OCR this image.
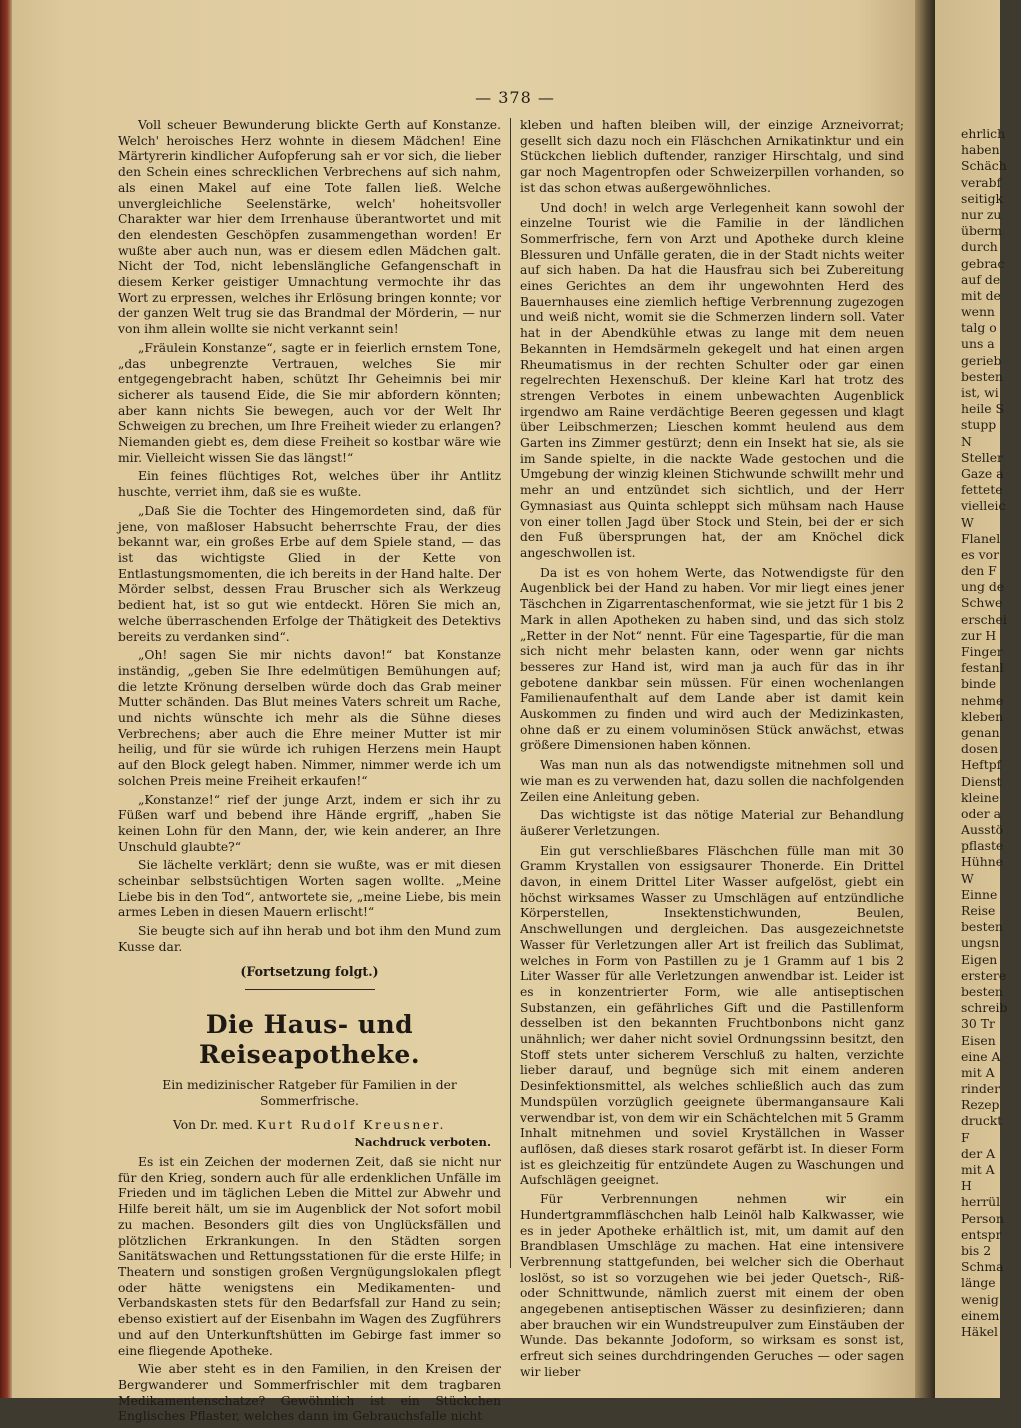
— 378 —

Voll scheuer Bewunderung blickte Gerth auf Konstanze. Welch' heroisches Herz wohnte in diesem Mädchen! Eine Märtyrerin kindlicher Aufopferung sah er vor sich, die lieber den Schein eines schrecklichen Verbrechens auf sich nahm, als einen Makel auf eine Tote fallen ließ. Welche unvergleichliche Seelenstärke, welch' hoheitsvoller Charakter war hier dem Irrenhause überantwortet und mit den elendesten Geschöpfen zusammengethan worden! Er wußte aber auch nun, was er diesem edlen Mädchen galt. Nicht der Tod, nicht lebenslängliche Gefangenschaft in diesem Kerker geistiger Umnachtung vermochte ihr das Wort zu erpressen, welches ihr Erlösung bringen konnte; vor der ganzen Welt trug sie das Brandmal der Mörderin, — nur von ihm allein wollte sie nicht verkannt sein!

„Fräulein Konstanze“, sagte er in feierlich ernstem Tone, „das unbegrenzte Vertrauen, welches Sie mir entgegengebracht haben, schützt Ihr Geheimnis bei mir sicherer als tausend Eide, die Sie mir abfordern könnten; aber kann nichts Sie bewegen, auch vor der Welt Ihr Schweigen zu brechen, um Ihre Freiheit wieder zu erlangen? Niemanden giebt es, dem diese Freiheit so kostbar wäre wie mir. Vielleicht wissen Sie das längst!“

Ein feines flüchtiges Rot, welches über ihr Antlitz huschte, verriet ihm, daß sie es wußte.

„Daß Sie die Tochter des Hingemordeten sind, daß für jene, von maßloser Habsucht beherrschte Frau, der dies bekannt war, ein großes Erbe auf dem Spiele stand, — das ist das wichtigste Glied in der Kette von Entlastungsmomenten, die ich bereits in der Hand halte. Der Mörder selbst, dessen Frau Bruscher sich als Werkzeug bedient hat, ist so gut wie entdeckt. Hören Sie mich an, welche überraschenden Erfolge der Thätigkeit des Detektivs bereits zu verdanken sind“.

„Oh! sagen Sie mir nichts davon!“ bat Konstanze inständig, „geben Sie Ihre edelmütigen Bemühungen auf; die letzte Krönung derselben würde doch das Grab meiner Mutter schänden. Das Blut meines Vaters schreit um Rache, und nichts wünschte ich mehr als die Sühne dieses Verbrechens; aber auch die Ehre meiner Mutter ist mir heilig, und für sie würde ich ruhigen Herzens mein Haupt auf den Block gelegt haben. Nimmer, nimmer werde ich um solchen Preis meine Freiheit erkaufen!“

„Konstanze!“ rief der junge Arzt, indem er sich ihr zu Füßen warf und bebend ihre Hände ergriff, „haben Sie keinen Lohn für den Mann, der, wie kein anderer, an Ihre Unschuld glaubte?“

Sie lächelte verklärt; denn sie wußte, was er mit diesen scheinbar selbstsüchtigen Worten sagen wollte. „Meine Liebe bis in den Tod“, antwortete sie, „meine Liebe, bis mein armes Leben in diesen Mauern erlischt!“

Sie beugte sich auf ihn herab und bot ihm den Mund zum Kusse dar.

(Fortsetzung folgt.)
Die Haus- und Reiseapotheke.
Ein medizinischer Ratgeber für Familien in der Sommerfrische.
Von Dr. med. Kurt Rudolf Kreusner.
Nachdruck verboten.

Es ist ein Zeichen der modernen Zeit, daß sie nicht nur für den Krieg, sondern auch für alle erdenklichen Unfälle im Frieden und im täglichen Leben die Mittel zur Abwehr und Hilfe bereit hält, um sie im Augenblick der Not sofort mobil zu machen. Besonders gilt dies von Unglücksfällen und plötzlichen Erkrankungen. In den Städten sorgen Sanitätswachen und Rettungsstationen für die erste Hilfe; in Theatern und sonstigen großen Vergnügungslokalen pflegt oder hätte wenigstens ein Medikamenten- und Verbandskasten stets für den Bedarfsfall zur Hand zu sein; ebenso existiert auf der Eisenbahn im Wagen des Zugführers und auf den Unterkunftshütten im Gebirge fast immer so eine fliegende Apotheke.

Wie aber steht es in den Familien, in den Kreisen der Bergwanderer und Sommerfrischler mit dem tragbaren Medikamentenschatze? Gewöhnlich ist ein Stückchen Englisches Pflaster, welches dann im Gebrauchsfalle nicht

kleben und haften bleiben will, der einzige Arzneivorrat; gesellt sich dazu noch ein Fläschchen Arnikatinktur und ein Stückchen lieblich duftender, ranziger Hirschtalg, und sind gar noch Magentropfen oder Schweizerpillen vorhanden, so ist das schon etwas außergewöhnliches.

Und doch! in welch arge Verlegenheit kann sowohl der einzelne Tourist wie die Familie in der ländlichen Sommerfrische, fern von Arzt und Apotheke durch kleine Blessuren und Unfälle geraten, die in der Stadt nichts weiter auf sich haben. Da hat die Hausfrau sich bei Zubereitung eines Gerichtes an dem ihr ungewohnten Herd des Bauernhauses eine ziemlich heftige Verbrennung zugezogen und weiß nicht, womit sie die Schmerzen lindern soll. Vater hat in der Abendkühle etwas zu lange mit dem neuen Bekannten in Hemdsärmeln gekegelt und hat einen argen Rheumatismus in der rechten Schulter oder gar einen regelrechten Hexenschuß. Der kleine Karl hat trotz des strengen Verbotes in einem unbewachten Augenblick irgendwo am Raine verdächtige Beeren gegessen und klagt über Leibschmerzen; Lieschen kommt heulend aus dem Garten ins Zimmer gestürzt; denn ein Insekt hat sie, als sie im Sande spielte, in die nackte Wade gestochen und die Umgebung der winzig kleinen Stichwunde schwillt mehr und mehr an und entzündet sich sichtlich, und der Herr Gymnasiast aus Quinta schleppt sich mühsam nach Hause von einer tollen Jagd über Stock und Stein, bei der er sich den Fuß übersprungen hat, der am Knöchel dick angeschwollen ist.

Da ist es von hohem Werte, das Notwendigste für den Augenblick bei der Hand zu haben. Vor mir liegt eines jener Täschchen in Zigarrentaschenformat, wie sie jetzt für 1 bis 2 Mark in allen Apotheken zu haben sind, und das sich stolz „Retter in der Not“ nennt. Für eine Tagespartie, für die man sich nicht mehr belasten kann, oder wenn gar nichts besseres zur Hand ist, wird man ja auch für das in ihr gebotene dankbar sein müssen. Für einen wochenlangen Familienaufenthalt auf dem Lande aber ist damit kein Auskommen zu finden und wird auch der Medizinkasten, ohne daß er zu einem voluminösen Stück anwächst, etwas größere Dimensionen haben können.

Was man nun als das notwendigste mitnehmen soll und wie man es zu verwenden hat, dazu sollen die nachfolgenden Zeilen eine Anleitung geben.

Das wichtigste ist das nötige Material zur Behandlung äußerer Verletzungen.

Ein gut verschließbares Fläschchen fülle man mit 30 Gramm Krystallen von essigsaurer Thonerde. Ein Drittel davon, in einem Drittel Liter Wasser aufgelöst, giebt ein höchst wirksames Wasser zu Umschlägen auf entzündliche Körperstellen, Insektenstichwunden, Beulen, Anschwellungen und dergleichen. Das ausgezeichnetste Wasser für Verletzungen aller Art ist freilich das Sublimat, welches in Form von Pastillen zu je 1 Gramm auf 1 bis 2 Liter Wasser für alle Verletzungen anwendbar ist. Leider ist es in konzentrierter Form, wie alle antiseptischen Substanzen, ein gefährliches Gift und die Pastillenform desselben ist den bekannten Fruchtbonbons nicht ganz unähnlich; wer daher nicht soviel Ordnungssinn besitzt, den Stoff stets unter sicherem Verschluß zu halten, verzichte lieber darauf, und begnüge sich mit einem anderen Desinfektionsmittel, als welches schließlich auch das zum Mundspülen vorzüglich geeignete übermangansaure Kali verwendbar ist, von dem wir ein Schächtelchen mit 5 Gramm Inhalt mitnehmen und soviel Kryställchen in Wasser auflösen, daß dieses stark rosarot gefärbt ist. In dieser Form ist es gleichzeitig für entzündete Augen zu Waschungen und Aufschlägen geeignet.

Für Verbrennungen nehmen wir ein Hundertgrammfläschchen halb Leinöl halb Kalkwasser, wie es in jeder Apotheke erhältlich ist, mit, um damit auf den Brandblasen Umschläge zu machen. Hat eine intensivere Verbrennung stattgefunden, bei welcher sich die Oberhaut loslöst, so ist so vorzugehen wie bei jeder Quetsch-, Riß- oder Schnittwunde, nämlich zuerst mit einem der oben angegebenen antiseptischen Wässer zu desinfizieren; dann aber brauchen wir ein Wundstreupulver zum Einstäuben der Wunde. Das bekannte Jodoform, so wirksam es sonst ist, erfreut sich seines durchdringenden Geruches — oder sagen wir lieber

ehrlich
haben
Schäch
verabf
seitigk
nur zu
überm
durch
gebrac
auf de
mit de
wenn
talg o
uns a
gerieb
besten
ist, wi
heile S
stupp
N
Steller
Gaze a
fettete
vielleic
W
Flanel
es vor
den F
ung de
Schwe
erschei
zur H
Finger
festanl
binde
nehme
kleben
genan
dosen
Heftpf
Dienst
kleine
oder a
Ausstö
pflaste
Hühne
W
Einne
Reise
besten
ungsn
Eigen
erstere
besten
schreib
30 Tr
Eisen
eine A
mit A
rinder
Rezep
druckt
F
der A
mit A
H
herrül
Person
entspr
bis 2
Schma
länge
wenig
einem
Häkel
